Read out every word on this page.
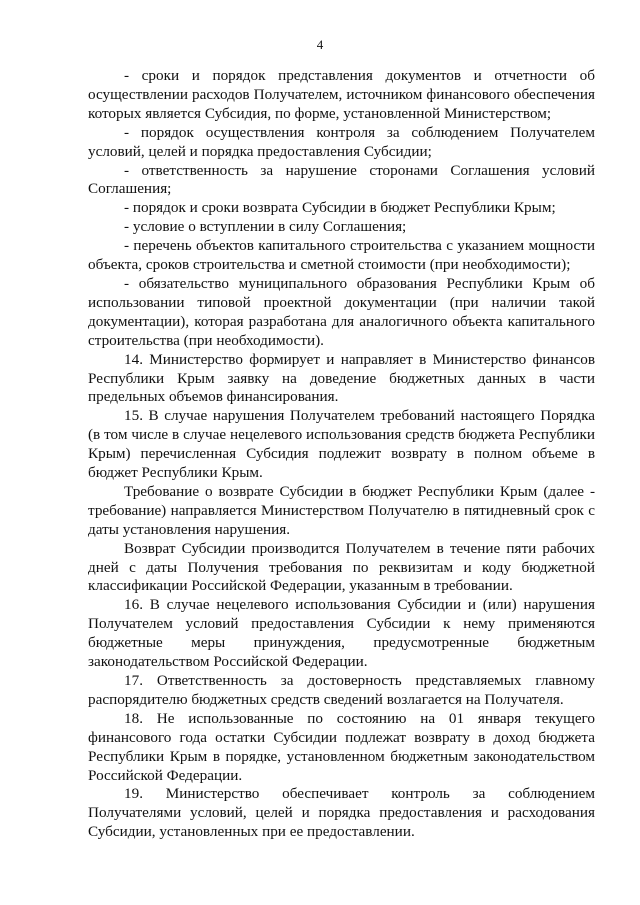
4

- сроки и порядок представления документов и отчетности об осуществлении расходов Получателем, источником финансового обеспечения которых является Субсидия, по форме, установленной Министерством;

- порядок осуществления контроля за соблюдением Получателем условий, целей и порядка предоставления Субсидии;

- ответственность за нарушение сторонами Соглашения условий Соглашения;

- порядок и сроки возврата Субсидии в бюджет Республики Крым;

- условие о вступлении в силу Соглашения;

- перечень объектов капитального строительства с указанием мощности объекта, сроков строительства и сметной стоимости (при необходимости);

- обязательство муниципального образования Республики Крым об использовании типовой проектной документации (при наличии такой документации), которая разработана для аналогичного объекта капитального строительства (при необходимости).

14. Министерство формирует и направляет в Министерство финансов Республики Крым заявку на доведение бюджетных данных в части предельных объемов финансирования.

15. В случае нарушения Получателем требований настоящего Порядка (в том числе в случае нецелевого использования средств бюджета Республики Крым) перечисленная Субсидия подлежит возврату в полном объеме в бюджет Республики Крым.

Требование о возврате Субсидии в бюджет Республики Крым (далее - требование) направляется Министерством Получателю в пятидневный срок с даты установления нарушения.

Возврат Субсидии производится Получателем в течение пяти рабочих дней с даты Получения требования по реквизитам и коду бюджетной классификации Российской Федерации, указанным в требовании.

16. В случае нецелевого использования Субсидии и (или) нарушения Получателем условий предоставления Субсидии к нему применяются бюджетные меры принуждения, предусмотренные бюджетным законодательством Российской Федерации.

17. Ответственность за достоверность представляемых главному распорядителю бюджетных средств сведений возлагается на Получателя.

18. Не использованные по состоянию на 01 января текущего финансового года остатки Субсидии подлежат возврату в доход бюджета Республики Крым в порядке, установленном бюджетным законодательством Российской Федерации.

19. Министерство обеспечивает контроль за соблюдением Получателями условий, целей и порядка предоставления и расходования Субсидии, установленных при ее предоставлении.
